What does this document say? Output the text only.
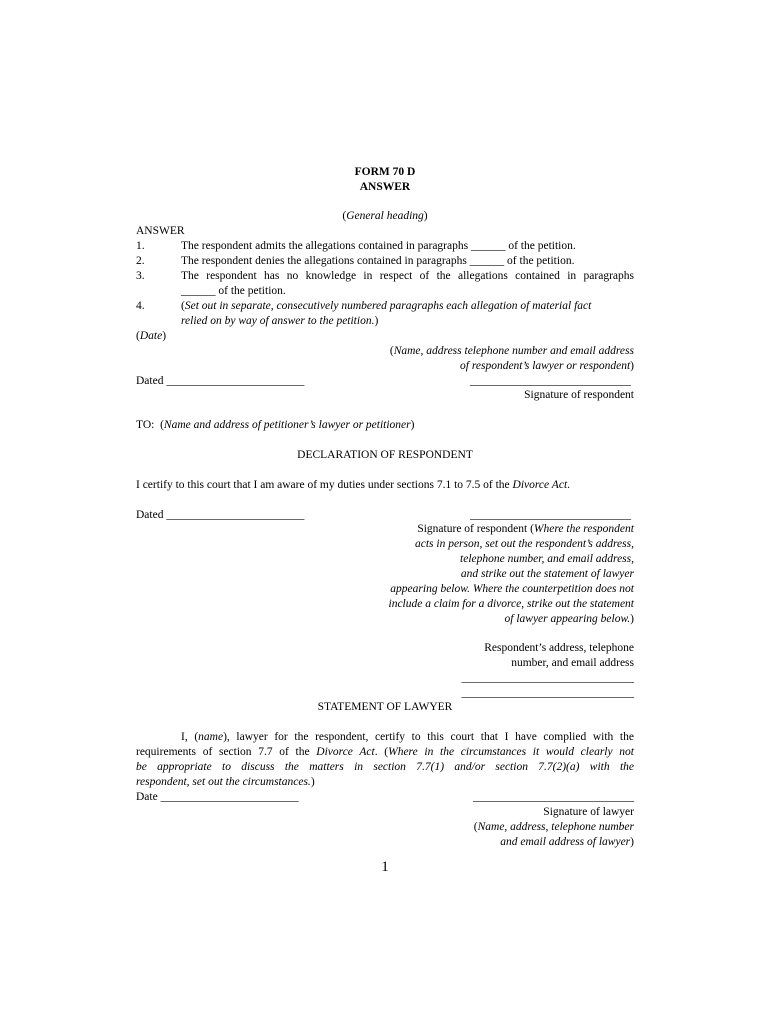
FORM 70 D
ANSWER
(General heading)
ANSWER
1.	The respondent admits the allegations contained in paragraphs ______ of the petition.
2.	The respondent denies the allegations contained in paragraphs ______ of the petition.
3.	The respondent has no knowledge in respect of the allegations contained in paragraphs
______ of the petition.
4.	(Set out in separate, consecutively numbered paragraphs each allegation of material fact
relied on by way of answer to the petition.)
(Date)
(Name, address telephone number and email address
of respondent’s lawyer or respondent)
Dated ________________________	____________________________
Signature of respondent
TO:  (Name and address of petitioner’s lawyer or petitioner)
DECLARATION OF RESPONDENT
I certify to this court that I am aware of my duties under sections 7.1 to 7.5 of the Divorce Act.
Dated ________________________	____________________________
Signature of respondent (Where the respondent
acts in person, set out the respondent’s address,
telephone number, and email address,
and strike out the statement of lawyer
appearing below. Where the counterpetition does not
include a claim for a divorce, strike out the statement
of lawyer appearing below.)
Respondent’s address, telephone
number, and email address
______________________________
______________________________
STATEMENT OF LAWYER
I, (name), lawyer for the respondent, certify to this court that I have complied with the
requirements of section 7.7 of the Divorce Act. (Where in the circumstances it would clearly not
be appropriate to discuss the matters in section 7.7(1) and/or section 7.7(2)(a) with the
respondent, set out the circumstances.)
Date ________________________	____________________________
Signature of lawyer
(Name, address, telephone number
and email address of lawyer)
1
